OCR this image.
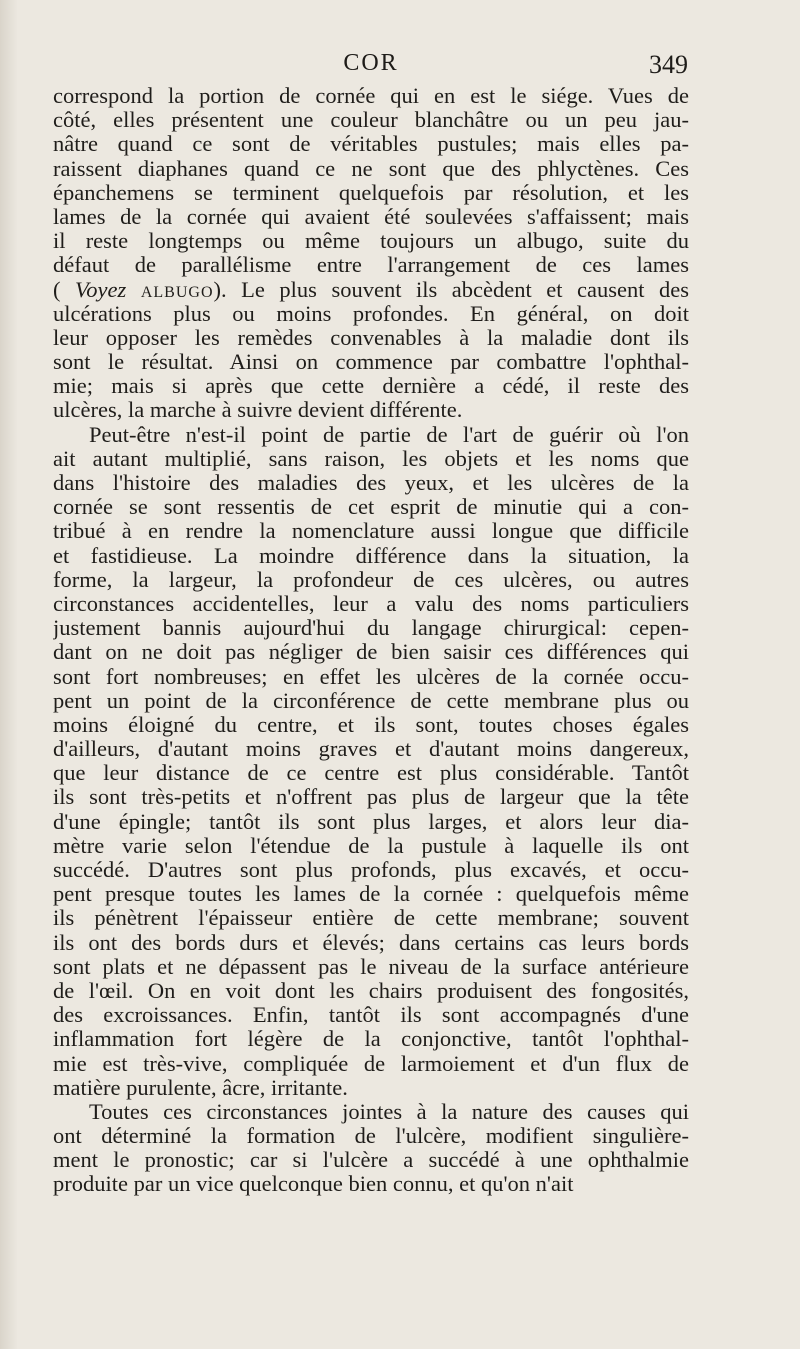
COR	349
correspond la portion de cornée qui en est le siége. Vues de
côté, elles présentent une couleur blanchâtre ou un peu jau-
nâtre quand ce sont de véritables pustules; mais elles pa-
raissent diaphanes quand ce ne sont que des phlyctènes. Ces
épanchemens se terminent quelquefois par résolution, et les
lames de la cornée qui avaient été soulevées s'affaissent; mais
il reste longtemps ou même toujours un albugo, suite du
défaut de parallélisme entre l'arrangement de ces lames
( Voyez albugo). Le plus souvent ils abcèdent et causent des
ulcérations plus ou moins profondes. En général, on doit
leur opposer les remèdes convenables à la maladie dont ils
sont le résultat. Ainsi on commence par combattre l'ophthal-
mie; mais si après que cette dernière a cédé, il reste des
ulcères, la marche à suivre devient différente.
Peut-être n'est-il point de partie de l'art de guérir où l'on
ait autant multiplié, sans raison, les objets et les noms que
dans l'histoire des maladies des yeux, et les ulcères de la
cornée se sont ressentis de cet esprit de minutie qui a con-
tribué à en rendre la nomenclature aussi longue que difficile
et fastidieuse. La moindre différence dans la situation, la
forme, la largeur, la profondeur de ces ulcères, ou autres
circonstances accidentelles, leur a valu des noms particuliers
justement bannis aujourd'hui du langage chirurgical: cepen-
dant on ne doit pas négliger de bien saisir ces différences qui
sont fort nombreuses; en effet les ulcères de la cornée occu-
pent un point de la circonférence de cette membrane plus ou
moins éloigné du centre, et ils sont, toutes choses égales
d'ailleurs, d'autant moins graves et d'autant moins dangereux,
que leur distance de ce centre est plus considérable. Tantôt
ils sont très-petits et n'offrent pas plus de largeur que la tête
d'une épingle; tantôt ils sont plus larges, et alors leur dia-
mètre varie selon l'étendue de la pustule à laquelle ils ont
succédé. D'autres sont plus profonds, plus excavés, et occu-
pent presque toutes les lames de la cornée : quelquefois même
ils pénètrent l'épaisseur entière de cette membrane; souvent
ils ont des bords durs et élevés; dans certains cas leurs bords
sont plats et ne dépassent pas le niveau de la surface antérieure
de l'œil. On en voit dont les chairs produisent des fongosités,
des excroissances. Enfin, tantôt ils sont accompagnés d'une
inflammation fort légère de la conjonctive, tantôt l'ophthal-
mie est très-vive, compliquée de larmoiement et d'un flux de
matière purulente, âcre, irritante.
Toutes ces circonstances jointes à la nature des causes qui
ont déterminé la formation de l'ulcère, modifient singulière-
ment le pronostic; car si l'ulcère a succédé à une ophthalmie
produite par un vice quelconque bien connu, et qu'on n'ait
